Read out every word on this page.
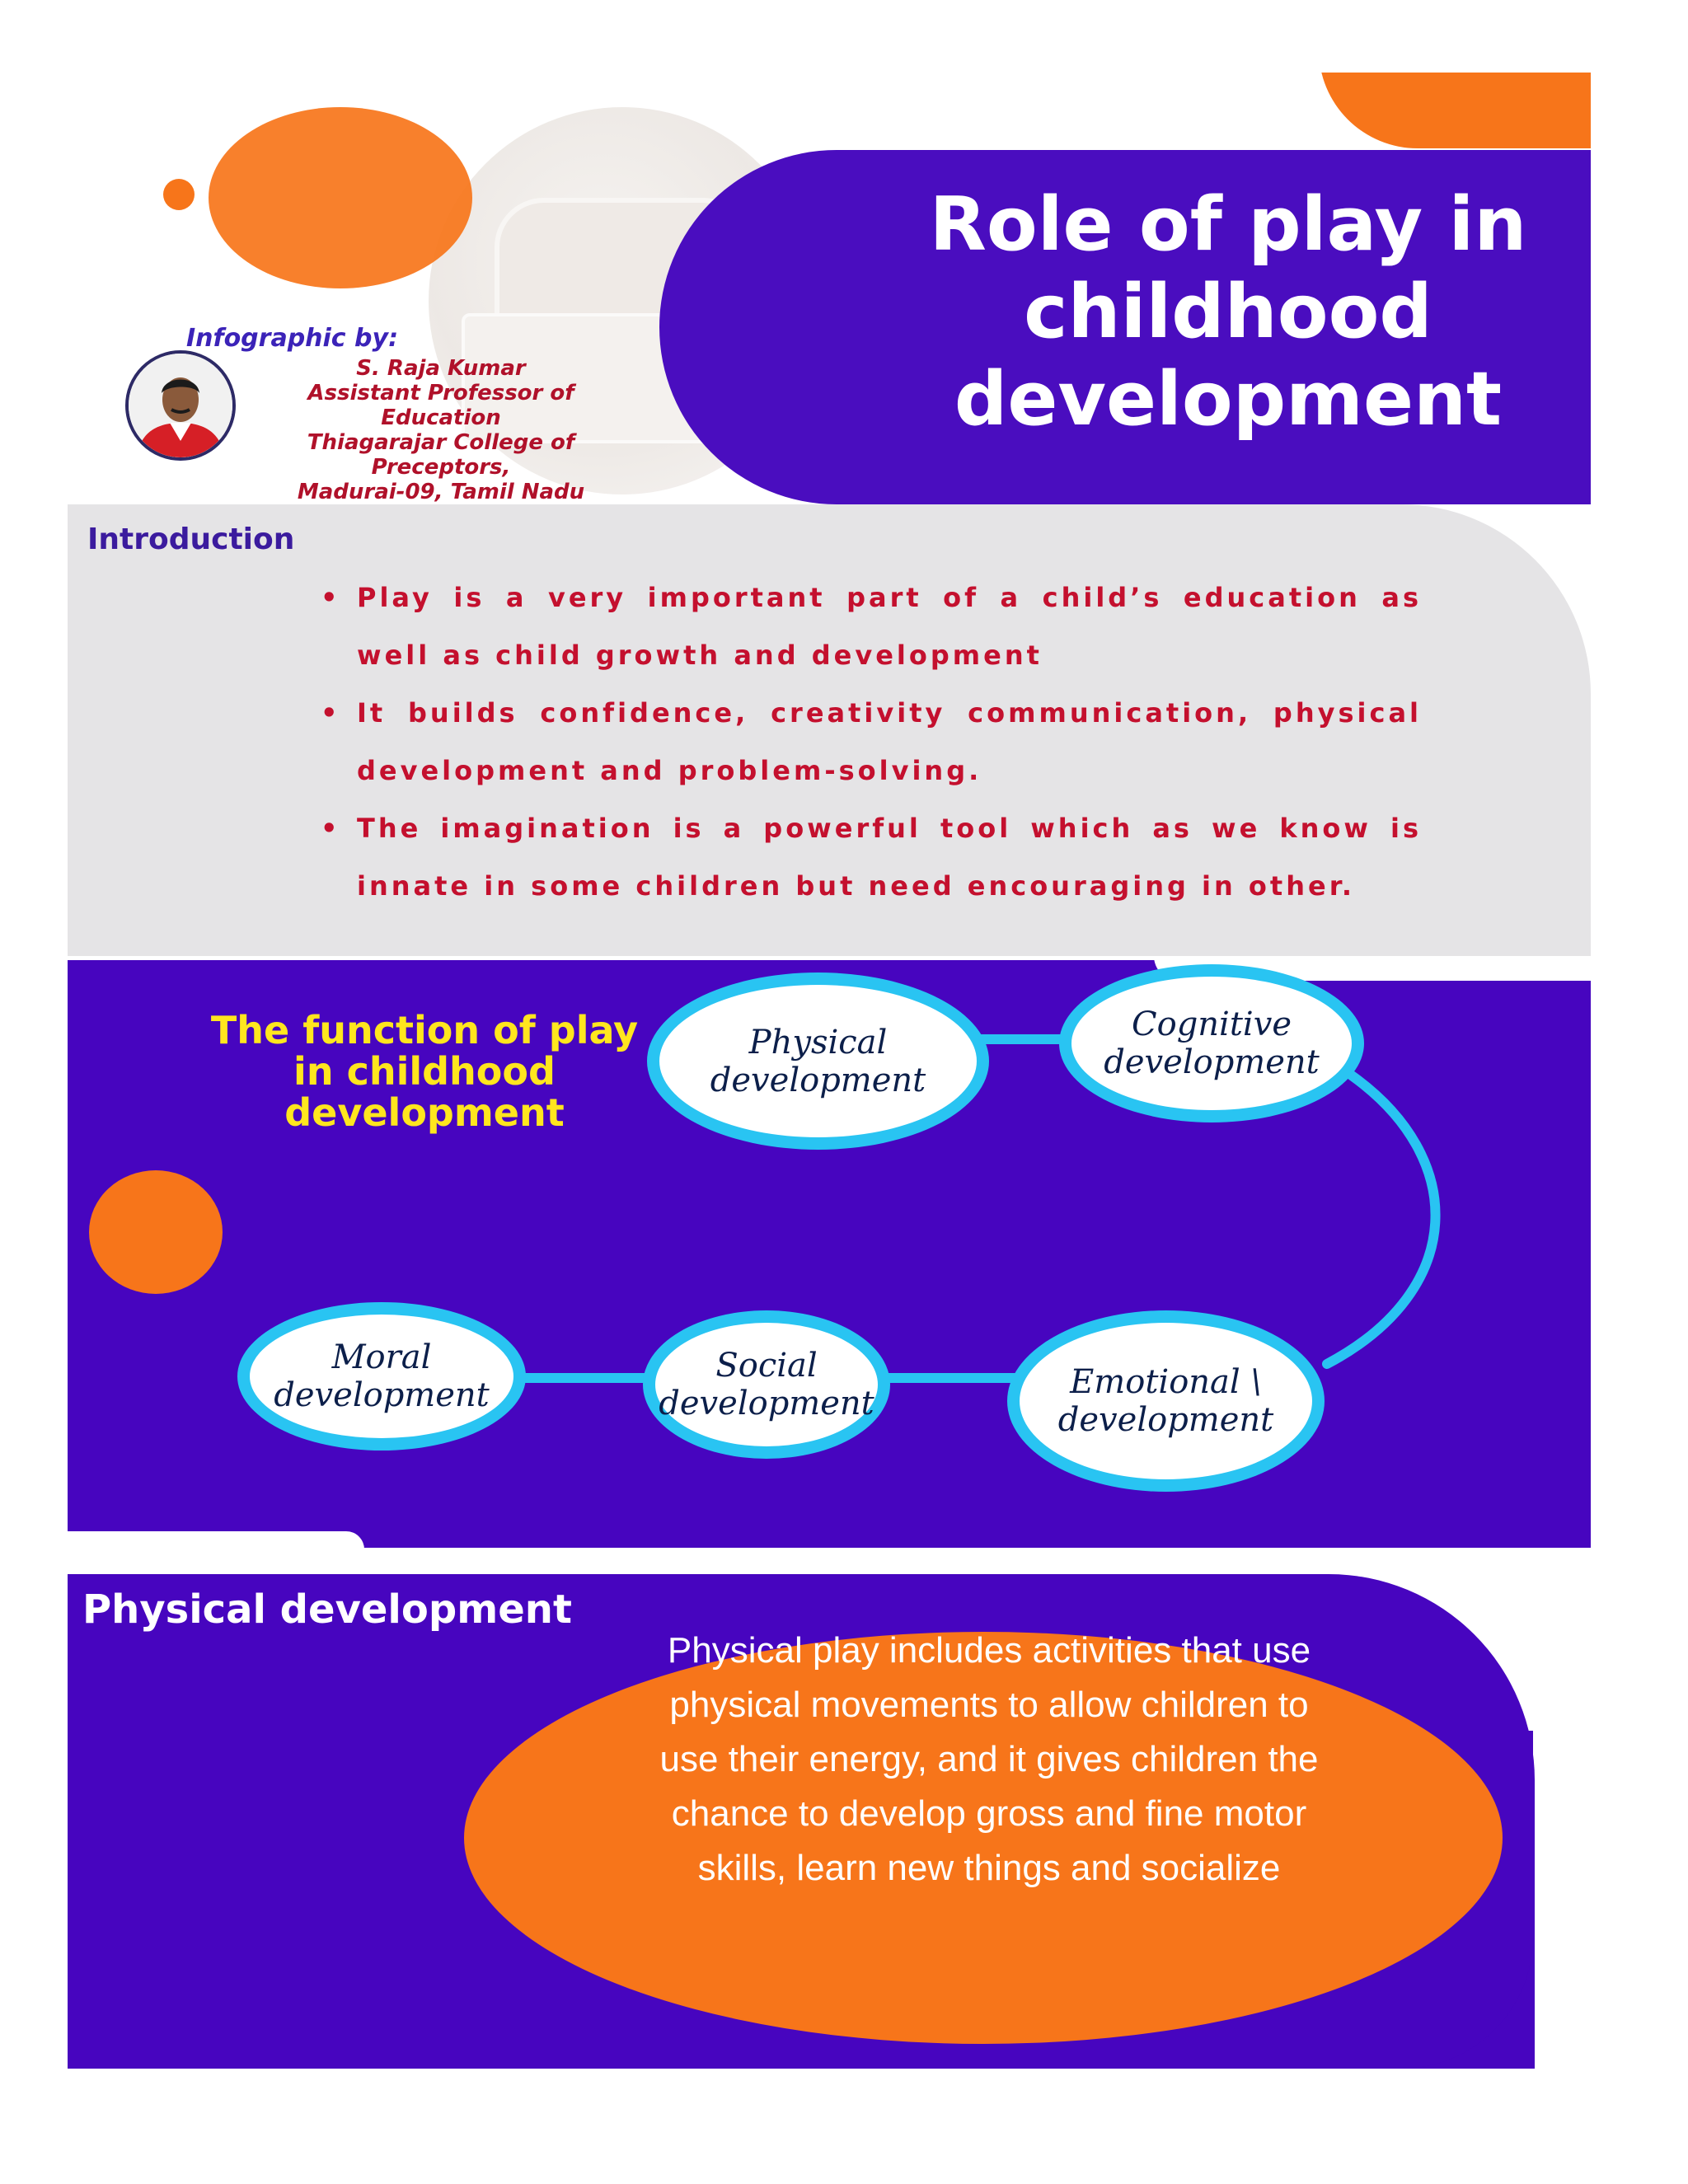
Role of play in childhood development
Infographic by:
S. Raja Kumar
Assistant Professor of Education
Thiagarajar College of Preceptors,
Madurai-09, Tamil Nadu
Introduction
• Play is a very important part of a child’s education as well as child growth and development
• It builds confidence, creativity communication, physical development and problem-solving.
• The imagination is a powerful tool which as we know is innate in some children but need encouraging in other.
The function of play in childhood development
Physical development
Cognitive development
Emotional \ development
Social development
Moral development
Physical development
Physical play includes activities that use physical movements to allow children to use their energy, and it gives children the chance to develop gross and fine motor skills, learn new things and socialize
